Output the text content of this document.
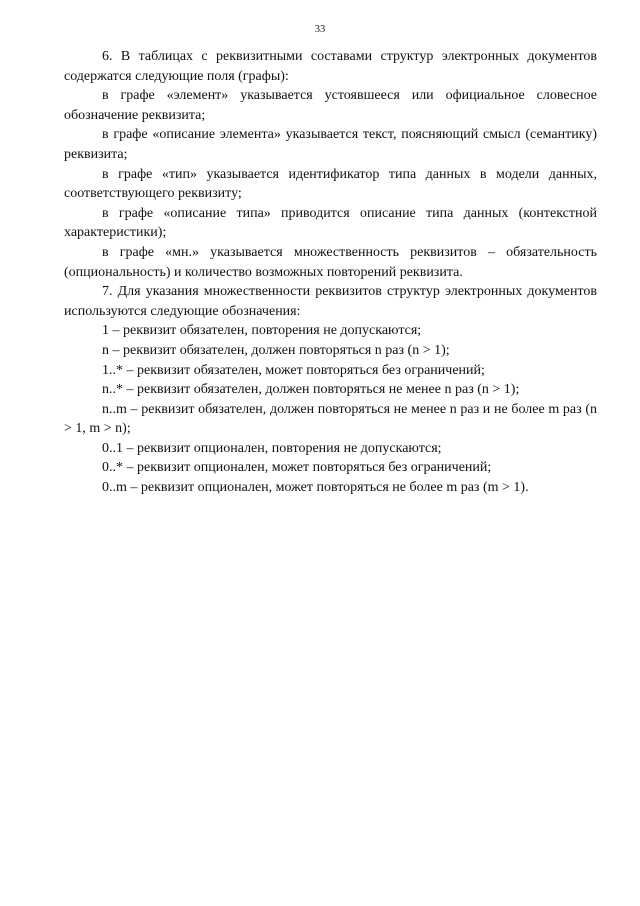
33

6. В таблицах с реквизитными составами структур электронных документов содержатся следующие поля (графы):

в графе «элемент» указывается устоявшееся или официальное словесное обозначение реквизита;

в графе «описание элемента» указывается текст, поясняющий смысл (семантику) реквизита;

в графе «тип» указывается идентификатор типа данных в модели данных, соответствующего реквизиту;

в графе «описание типа» приводится описание типа данных (контекстной характеристики);

в графе «мн.» указывается множественность реквизитов – обязательность (опциональность) и количество возможных повторений реквизита.

7. Для указания множественности реквизитов структур электронных документов используются следующие обозначения:

1 – реквизит обязателен, повторения не допускаются;

n – реквизит обязателен, должен повторяться n раз (n > 1);

1..* – реквизит обязателен, может повторяться без ограничений;

n..* – реквизит обязателен, должен повторяться не менее n раз (n > 1);

n..m – реквизит обязателен, должен повторяться не менее n раз и не более m раз (n > 1, m > n);

0..1 – реквизит опционален, повторения не допускаются;

0..* – реквизит опционален, может повторяться без ограничений;

0..m – реквизит опционален, может повторяться не более m раз (m > 1).
